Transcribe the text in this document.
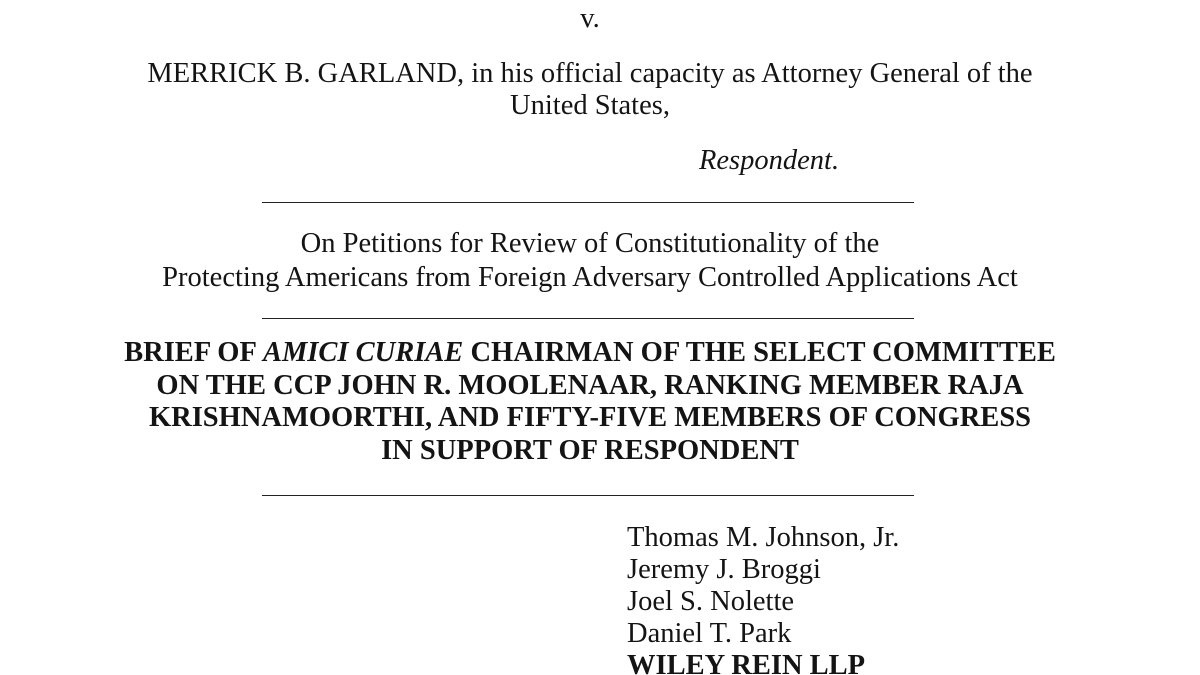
v.
MERRICK B. GARLAND, in his official capacity as Attorney General of the
United States,
Respondent.
On Petitions for Review of Constitutionality of the
Protecting Americans from Foreign Adversary Controlled Applications Act
BRIEF OF AMICI CURIAE CHAIRMAN OF THE SELECT COMMITTEE
ON THE CCP JOHN R. MOOLENAAR, RANKING MEMBER RAJA
KRISHNAMOORTHI, AND FIFTY-FIVE MEMBERS OF CONGRESS
IN SUPPORT OF RESPONDENT
Thomas M. Johnson, Jr.
Jeremy J. Broggi
Joel S. Nolette
Daniel T. Park
WILEY REIN LLP
